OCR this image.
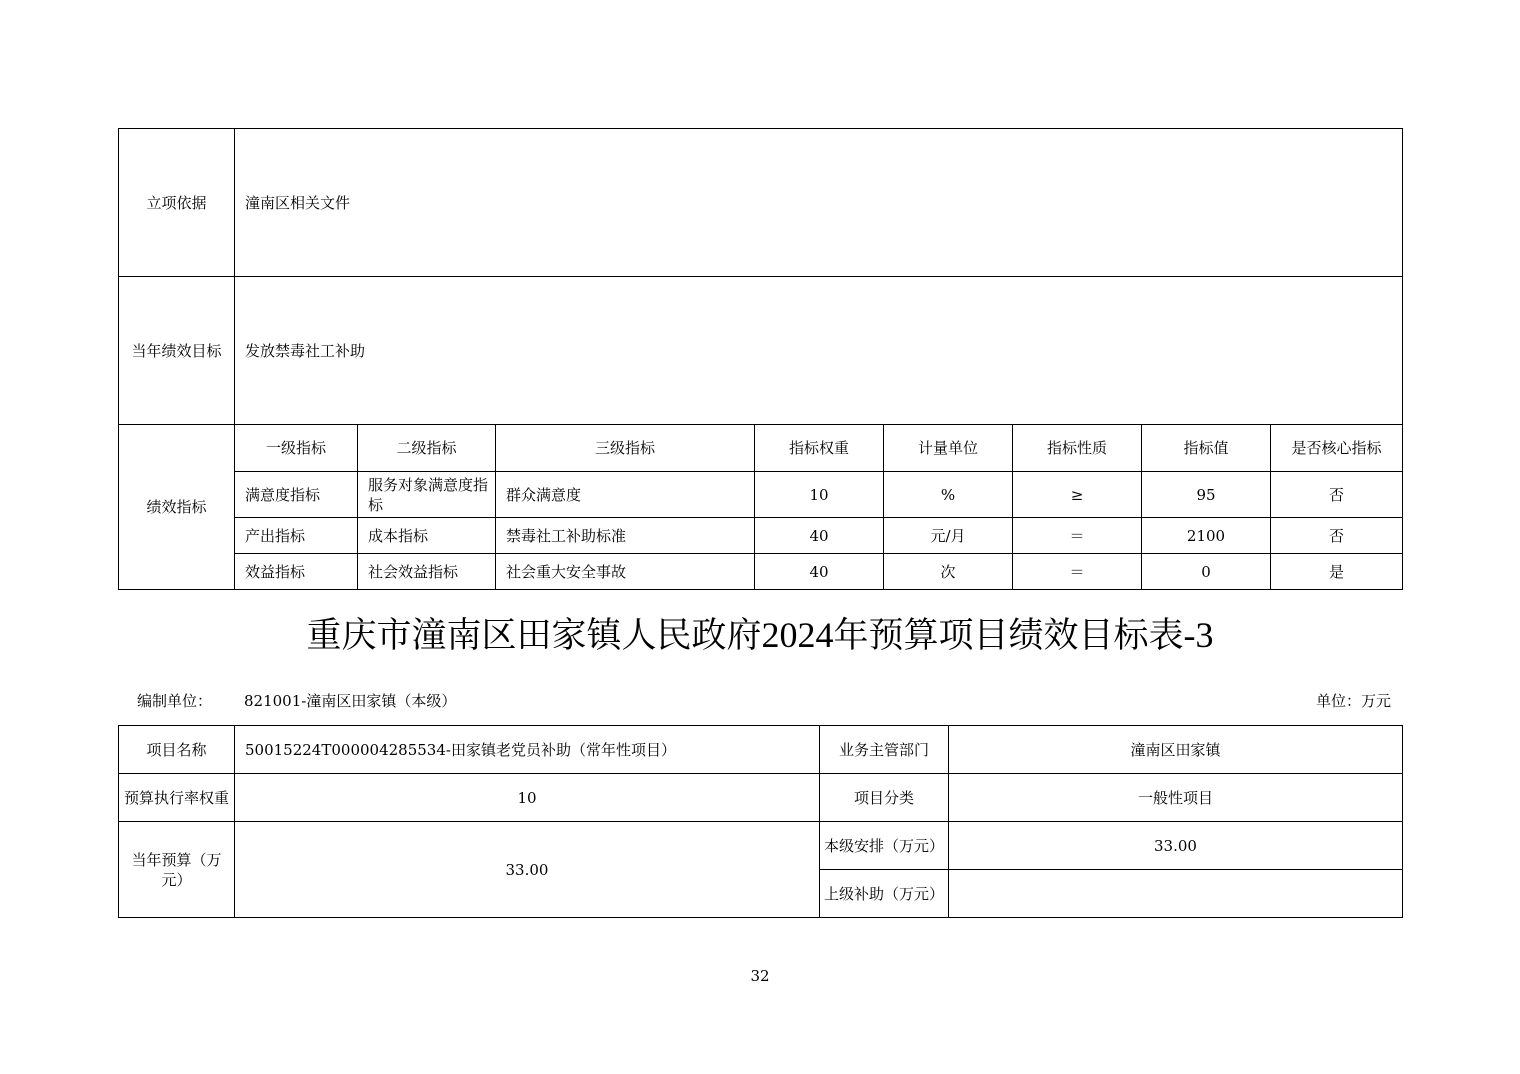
立项依据	潼南区相关文件							
当年绩效目标	发放禁毒社工补助							
绩效指标	一级指标	二级指标	三级指标	指标权重	计量单位	指标性质	指标值	是否核心指标
	满意度指标	服务对象满意度指标	群众满意度	10	%	≥	95	否
	产出指标	成本指标	禁毒社工补助标准	40	元/月	＝	2100	否
	效益指标	社会效益指标	社会重大安全事故	40	次	＝	0	是
重庆市潼南区田家镇人民政府2024年预算项目绩效目标表-3
编制单位： 821001-潼南区田家镇（本级）	单位：万元
项目名称	50015224T000004285534-田家镇老党员补助（常年性项目）	业务主管部门	潼南区田家镇
预算执行率权重	10	项目分类	一般性项目
当年预算（万元）	33.00	本级安排（万元）	33.00
		上级补助（万元）	
32
